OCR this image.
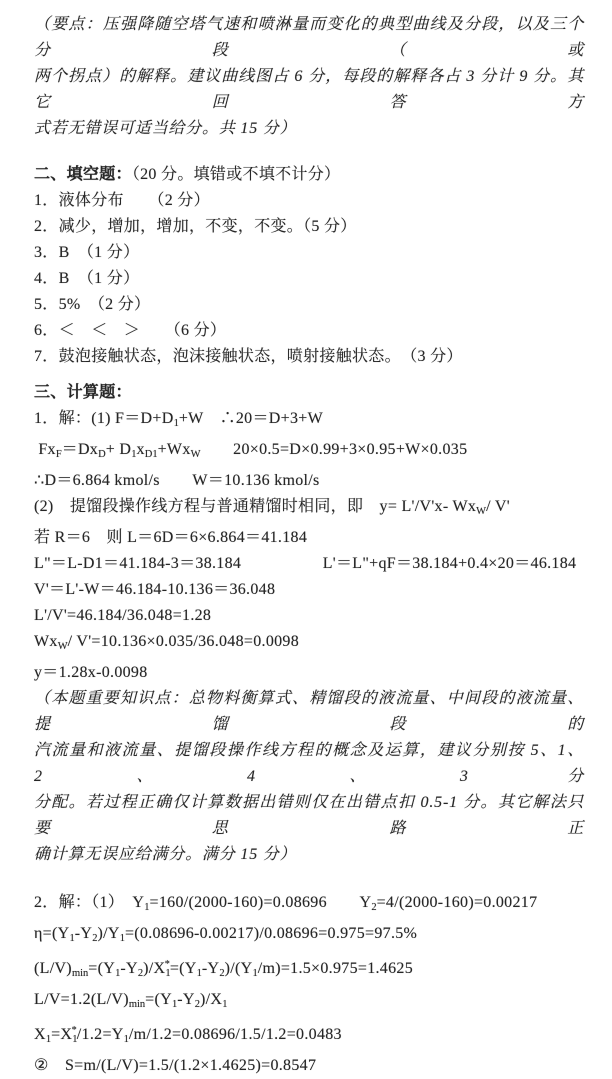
（要点：压强降随空塔气速和喷淋量而变化的典型曲线及分段，以及三个分段（或
两个拐点）的解释。建议曲线图占 6 分，每段的解释各占 3 分计 9 分。其它回答方
式若无错误可适当给分。共 15 分）
二、填空题：（20 分。填错或不填不计分）
1．液体分布　　（2 分）
2．减少，增加，增加，不变，不变。（5 分）
3．B　（1 分）
4．B　（1 分）
5．5%　（2 分）
6．＜　＜　＞　　（6 分）
7．鼓泡接触状态，泡沫接触状态，喷射接触状态。　（3 分）
三、计算题：
1．解：(1) $F=D+D_1+W$　∴20＝D+3+W
$Fx_F=Dx_D+ D_1x_{D1}+Wx_W$　　20×0.5=D×0.99+3×0.95+W×0.035
∴D＝6.864 kmol/s　　W＝10.136 kmol/s
(2)　提馏段操作线方程与普通精馏时相同，即　y= L'/V'x- $Wx_W/$ V'
若 R＝6　则 L＝6D＝6×6.864＝41.184
L"＝L-D1＝41.184-3＝38.184　　　　　L'＝L"+qF＝38.184+0.4×20＝46.184
V'＝L'-W＝46.184-10.136＝36.048
L'/V'=46.184/36.048=1.28
$Wx_W/$ V'=10.136×0.035/36.048=0.0098
y＝1.28x-0.0098
（本题重要知识点：总物料衡算式、精馏段的液流量、中间段的液流量、提馏段的
汽流量和液流量、提馏段操作线方程的概念及运算，建议分别按 5、1、2、4、3 分
分配。若过程正确仅计算数据出错则仅在出错点扣 0.5-1 分。其它解法只要思路正
确计算无误应给满分。满分 15 分）
2．解：（1）　$Y_1=160/(2000-160)=0.08696$　　$Y_2=4/(2000-160)=0.00217$
$\eta=(Y_1-Y_2)/Y_1=(0.08696-0.00217)/0.08696=0.975=97.5\%$
$(L/V)_{min}=(Y_1-Y_2)/X_1^*=(Y_1-Y_2)/(Y_1/m)=1.5\times 0.975=1.4625$
$L/V=1.2(L/V)_{min}=(Y_1-Y_2)/X_1$
$X_1=X_1^*/1.2=Y_1/m/1.2=0.08696/1.5/1.2=0.0483$
②　S=m/(L/V)=1.5/(1.2×1.4625)=0.8547
